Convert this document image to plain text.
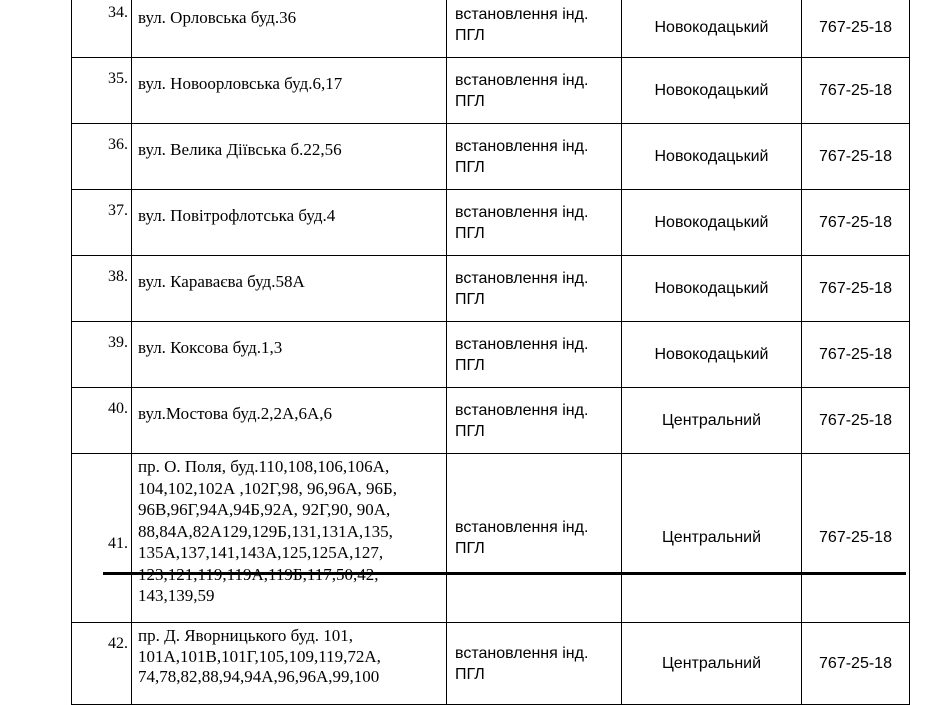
34.	вул. Орловська буд.36	встановлення інд. ПГЛ	Новокодацький	767-25-18
35.	вул. Новоорловська буд.6,17	встановлення інд. ПГЛ	Новокодацький	767-25-18
36.	вул. Велика Діївська б.22,56	встановлення інд. ПГЛ	Новокодацький	767-25-18
37.	вул. Повітрофлотська буд.4	встановлення інд. ПГЛ	Новокодацький	767-25-18
38.	вул. Караваєва буд.58А	встановлення інд. ПГЛ	Новокодацький	767-25-18
39.	вул. Коксова буд.1,3	встановлення інд. ПГЛ	Новокодацький	767-25-18
40.	вул.Мостова буд.2,2А,6А,6	встановлення інд. ПГЛ	Центральний	767-25-18
41.	пр. О. Поля, буд.110,108,106,106А, 104,102,102А ,102Г,98, 96,96А, 96Б, 96В,96Г,94А,94Б,92А, 92Г,90, 90А, 88,84А,82А129,129Б,131,131А,135, 135А,137,141,143А,125,125А,127, 143,139,59	встановлення інд. ПГЛ	Центральний	767-25-18
42.	пр. Д. Яворницького буд. 101, 101А,101В,101Г,105,109,119,72А, 74,78,82,88,94,94А,96,96А,99,100	встановлення інд. ПГЛ	Центральний	767-25-18
